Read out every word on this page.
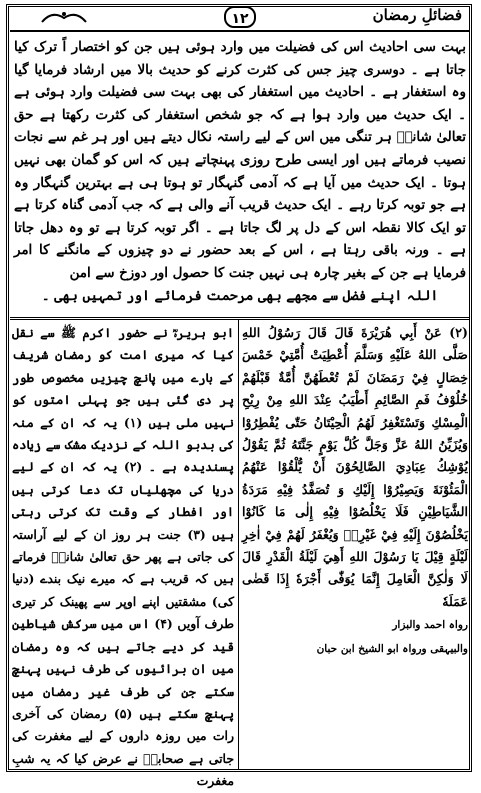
۱۲	فضائلِ رمضان

بہت سی احادیث اس کی فضیلت میں وارد ہوئی ہیں جن کو اختصار اً ترک کیا جاتا ہے ۔ دوسری چیز جس کی کثرت کرنے کو حدیث بالا میں ارشاد فرمایا گیا وہ استغفار ہے ۔ احادیث میں استغفار کی بھی بہت سی فضیلت وارد ہوئی ہے ۔ ایک حدیث میں وارد ہوا ہے کہ جو شخص استغفار کی کثرت رکھتا ہے حق تعالیٰ شانہٗ ہر تنگی میں اس کے لیے راستہ نکال دیتے ہیں اور ہر غم سے نجات نصیب فرماتے ہیں اور ایسی طرح روزی پہنچاتے ہیں کہ اس کو گمان بھی نہیں ہوتا ۔ ایک حدیث میں آیا ہے کہ آدمی گنہگار تو ہوتا ہی ہے بہترین گنہگار وہ ہے جو توبہ کرتا رہے ۔ ایک حدیث قریب آنے والی ہے کہ جب آدمی گناہ کرتا ہے تو ایک کالا نقطہ اس کے دل پر لگ جاتا ہے ۔ اگر توبہ کرتا ہے تو وہ دھل جاتا ہے ۔ ورنہ باقی رہتا ہے ، اس کے بعد حضور نے دو چیزوں کے مانگنے کا امر فرمایا ہے جن کے بغیر چارہ ہی نہیں جنت کا حصول اور دوزخ سے امن

اللہ اپنے فضل سے مجھے بھی مرحمت فرمائے اور تمہیں بھی ۔

(۲) عَنْ أَبِي هُرَيْرَةَ قَالَ قَالَ رَسُوْلُ اللهِ صَلَّى اللهُ عَلَيْهِ وَسَلَّمَ أُعْطِيَتْ أُمَّتِيْ خَمْسَ خِصَالٍ فِيْ رَمَضَانَ لَمْ تُعْطَهُنَّ أُمَّةٌ قَبْلَهُمْ خُلُوْفُ فَمِ الصَّائِمِ أَطْيَبُ عِنْدَ اللهِ مِنْ رِيْحِ الْمِسْكِ وَتَسْتَغْفِرُ لَهُمُ الْحِيْتَانُ حَتّٰى يُفْطِرُوْا وَيُزَيِّنُ اللهُ عَزَّ وَجَلَّ كُلَّ يَوْمٍ جَنَّتَهُ ثُمَّ يَقُوْلُ يُوْشِكُ عِبَادِيَ الصَّالِحُوْنَ أَنْ يُّلْقُوْا عَنْهُمُ الْمَئُوْنَةَ وَيَصِيْرُوْا إِلَيْكِ وَ تُصَفَّدُ فِيْهِ مَرَدَةُ الشَّيَاطِيْنِ فَلَا يَخْلُصُوْا فِيْهِ إِلٰى مَا كَانُوْا يَخْلُصُوْنَ إِلَيْهِ فِيْ غَيْرِهٖ وَيُغْفَرُ لَهُمْ فِيْ اٰخِرِ لَيْلَةٍ قِيْلَ يَا رَسُوْلَ اللهِ أَهِيَ لَيْلَةُ الْقَدْرِ قَالَ لَا وَلٰكِنَّ الْعَامِلَ إِنَّمَا يُوَفّٰى أَجْرَهٗ إِذَا قَضٰى عَمَلَهٗ

رواہ احمد والبزار
والبیہقی ورواہ ابو الشیخ ابن حبان

ابو ہریرہؓ نے حضور اکرم ﷺ سے نقل کیا کہ میری امت کو رمضان شریف کے بارے میں پانچ چیزیں مخصوص طور پر دی گئی ہیں جو پہلی امتوں کو نہیں ملی ہیں (۱) یہ کہ ان کے منہ کی بدبو اللہ کے نزدیک مشک سے زیادہ پسندیدہ ہے ۔ (۲) یہ کہ ان کے لیے دریا کی مچھلیاں تک دعا کرتی ہیں اور افطار کے وقت تک کرتی رہتی ہیں (۳) جنت ہر روز ان کے لیے آراستہ کی جاتی ہے پھر حق تعالیٰ شانہٗ فرماتے ہیں کہ قریب ہے کہ میرے نیک بندے (دنیا کی) مشقتیں اپنے اوپر سے پھینک کر تیری طرف آویں (۴) اس میں سرکش شیاطین قید کر دیے جاتے ہیں کہ وہ رمضان میں ان برائیوں کی طرف نہیں پہنچ سکتے جن کی طرف غیر رمضان میں پہنچ سکتے ہیں (۵) رمضان کی آخری رات میں روزہ داروں کے لیے مغفرت کی جاتی ہے صحابہؓ نے عرض کیا کہ یہ شبِ مغفرت
